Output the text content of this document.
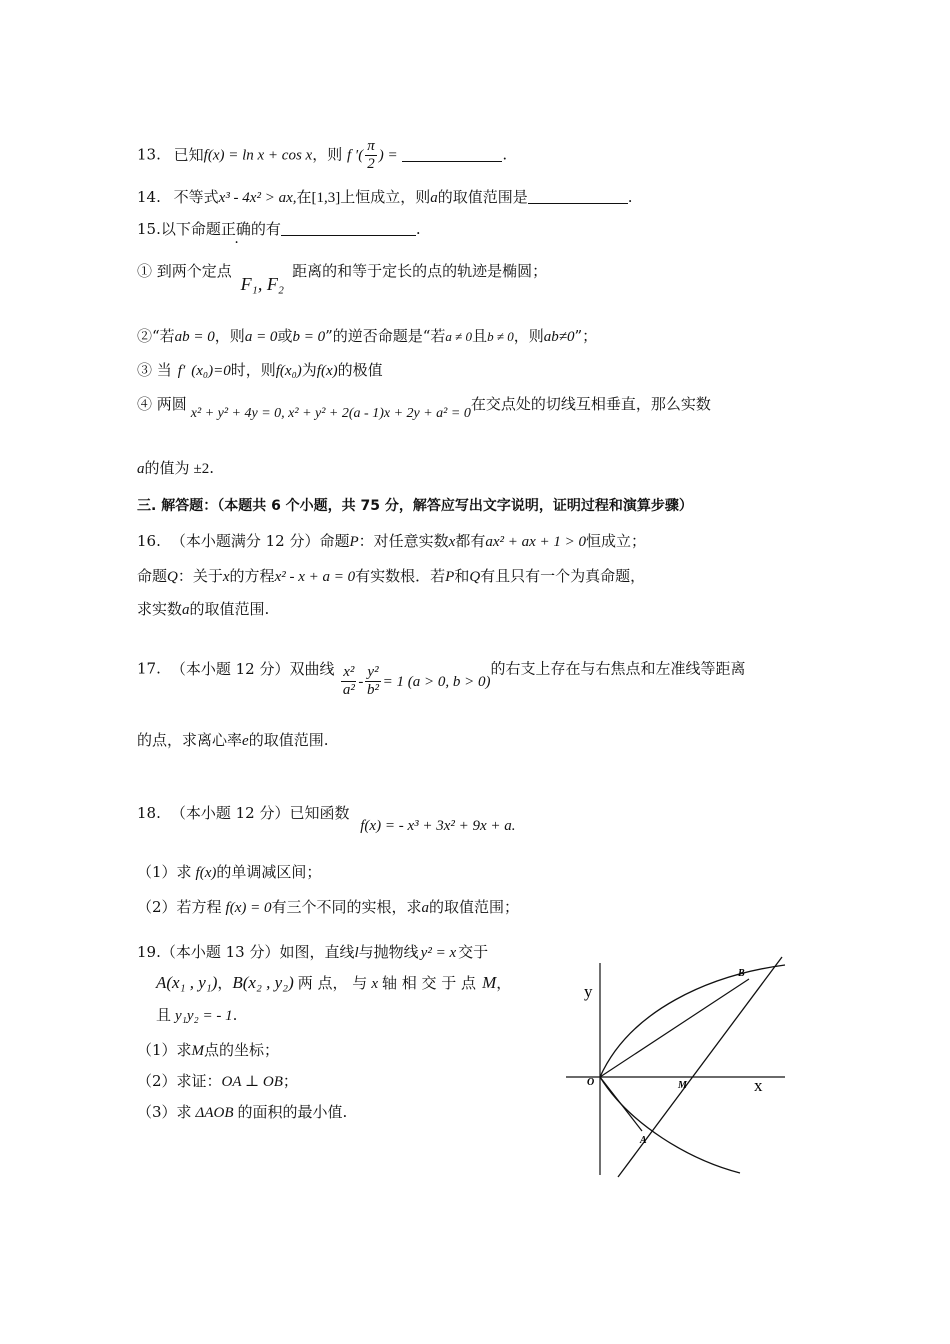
13. 已知f(x) = ln x + cos x，则 f ′( $\frac{\pi}{2}$ ) =	.
14. 不等式x³ - 4x² > ax,在[1,3]上恒成立，则a的取值范围是	.
15.以下命题正确的有	.
① 到两个定点 F₁, F₂距离的和等于定长的点的轨迹是椭圆；
②“若ab = 0，则a = 0或b = 0”的逆否命题是“若a ≠ 0且b ≠ 0，则ab≠0”；
③ 当 f′ (x₀)=0时，则f(x₀)为f(x)的极值
④ 两圆x² + y² + 4y = 0, x² + y² + 2(a - 1)x + 2y + a² = 0在交点处的切线互相垂直，那么实数
a的值为 ±2.
三. 解答题：（本题共 6 个小题，共 75 分，解答应写出文字说明，证明过程和演算步骤）
16. （本小题满分 12 分）命题P：对任意实数x都有ax² + ax + 1 > 0恒成立；
命题Q：关于x的方程x² - x + a = 0有实数根．若P和Q有且只有一个为真命题，
求实数a的取值范围.
17. （本小题 12 分）双曲线 $\frac{\text{x²}}{\text{a²}} - \frac{\text{y²}}{\text{b²}} = 1$ (a > 0, b > 0)的右支上存在与右焦点和左准线等距离
的点，求离心率e的取值范围.
18. （本小题 12 分）已知函数 f(x) = - x³ + 3x² + 9x + a.
（1）求 f(x)的单调减区间；
（2）若方程 f(x) = 0有三个不同的实根，求a的取值范围；
19.（本小题 13 分）如图，直线l与抛物线 y² = x 交于
A(x₁ , y₁)，B(x₂ , y₂) 两 点， 与 x 轴 相 交 于 点 M，
且 y₁y₂ = - 1.
（1）求M点的坐标；
（2）求证：OA ⊥ OB；
（3）求 ΔAOB 的面积的最小值.
y
x
O	M
A
B
